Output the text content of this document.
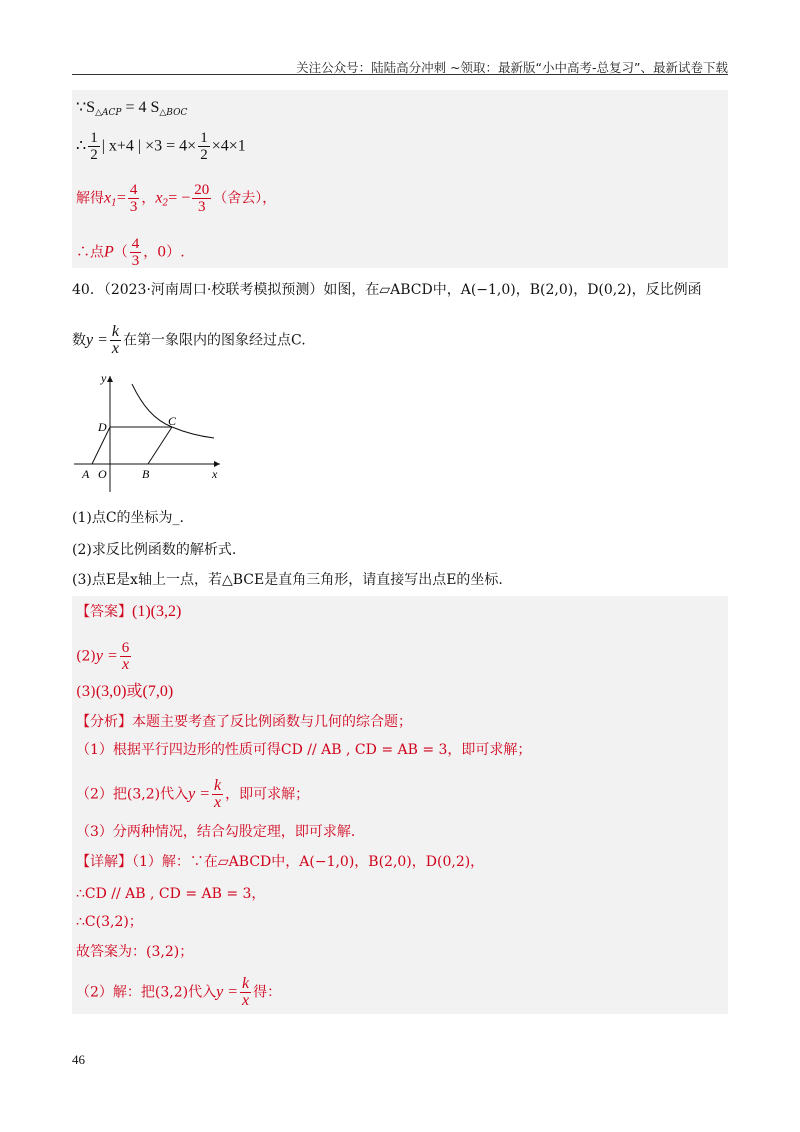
关注公众号：陆陆高分冲刺 ~领取：最新版“小中高考-总复习”、最新试卷下载
$\because S_{\triangle ACP} = 4$ $S_{\triangle BOC}$
∴ $\frac{1}{2}$ | x+4 | $\times 3 = 4\times \frac{1}{2} \times 4\times 1$
解得$x_1= \frac{4}{3}$ ，$x_2= - \frac{20}{3}$ （舍去），
∴点$P( \frac{4}{3}$ ，0）.
40．（2023·河南周口·校联考模拟预测）如图，在▱ABCD中，A(−1,0)，B(2,0)，D(0,2)，反比例函
数$y = \frac{k}{x}$ 在第一象限内的图象经过点C.
y
x
D	C
A O	B
(1)点C的坐标为_.
(2)求反比例函数的解析式.
(3)点E是x轴上一点，若△BCE是直角三角形，请直接写出点E的坐标.
【答案】(1)(3,2)
$(2)y = \frac{6}{x}$
(3)(3,0)或(7,0)
【分析】本题主要考查了反比例函数与几何的综合题；
（1）根据平行四边形的性质可得CD // AB , CD = AB = 3，即可求解；
（2）把(3,2)代入$y = \frac{k}{x}$ ，即可求解；
（3）分两种情况，结合勾股定理，即可求解．
【详解】（1）解：∵在▱ABCD中，A(−1,0)，B(2,0)，D(0,2)，
∴CD // AB , CD = AB = 3，
∴C(3,2)；
故答案为：(3,2)；
（2）解：把(3,2)代入$y = \frac{k}{x}$ 得：
46
